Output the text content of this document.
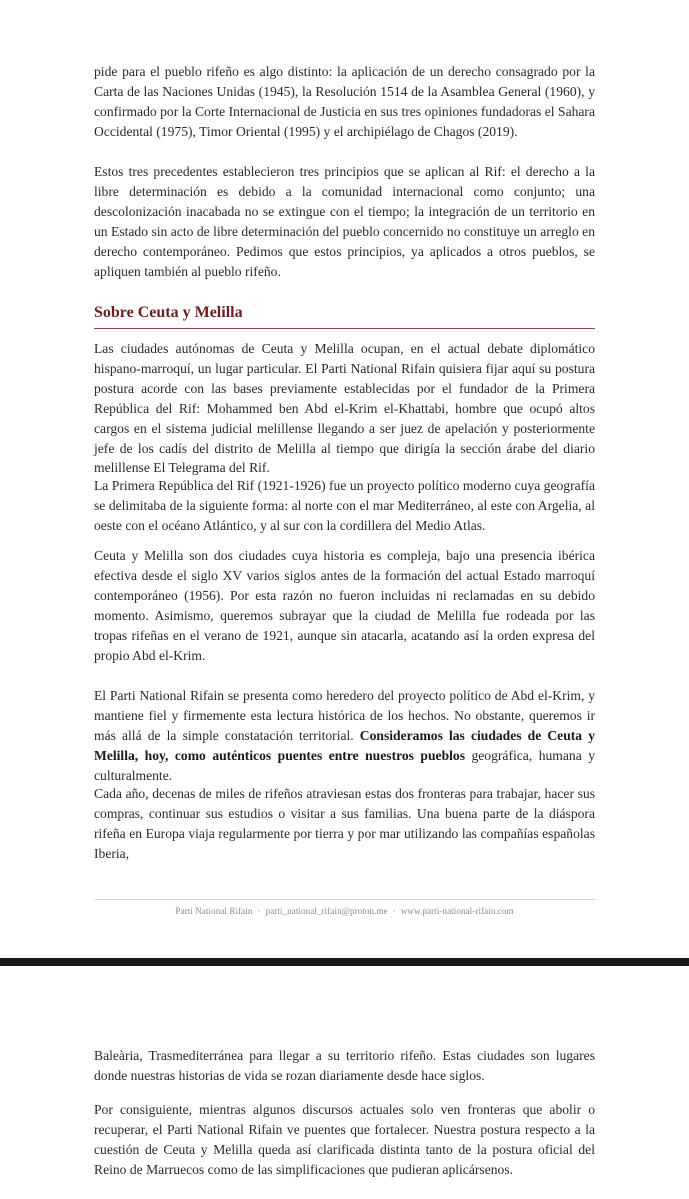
pide para el pueblo rifeño es algo distinto: la aplicación de un derecho consagrado por la Carta de las Naciones Unidas (1945), la Resolución 1514 de la Asamblea General (1960), y confirmado por la Corte Internacional de Justicia en sus tres opiniones fundadoras el Sahara Occidental (1975), Timor Oriental (1995) y el archipiélago de Chagos (2019).

Estos tres precedentes establecieron tres principios que se aplican al Rif: el derecho a la libre determinación es debido a la comunidad internacional como conjunto; una descolonización inacabada no se extingue con el tiempo; la integración de un territorio en un Estado sin acto de libre determinación del pueblo concernido no constituye un arreglo en derecho contemporáneo. Pedimos que estos principios, ya aplicados a otros pueblos, se apliquen también al pueblo rifeño.

Sobre Ceuta y Melilla

Las ciudades autónomas de Ceuta y Melilla ocupan, en el actual debate diplomático hispano-marroquí, un lugar particular. El Parti National Rifain quisiera fijar aquí su postura postura acorde con las bases previamente establecidas por el fundador de la Primera República del Rif: Mohammed ben Abd el-Krim el-Khattabi, hombre que ocupó altos cargos en el sistema judicial melillense llegando a ser juez de apelación y posteriormente jefe de los cadís del distrito de Melilla al tiempo que dirigía la sección árabe del diario melillense El Telegrama del Rif.

La Primera República del Rif (1921-1926) fue un proyecto político moderno cuya geografía se delimitaba de la siguiente forma: al norte con el mar Mediterráneo, al este con Argelia, al oeste con el océano Atlántico, y al sur con la cordillera del Medio Atlas.

Ceuta y Melilla son dos ciudades cuya historia es compleja, bajo una presencia ibérica efectiva desde el siglo XV varios siglos antes de la formación del actual Estado marroquí contemporáneo (1956). Por esta razón no fueron incluidas ni reclamadas en su debido momento. Asimismo, queremos subrayar que la ciudad de Melilla fue rodeada por las tropas rifeñas en el verano de 1921, aunque sin atacarla, acatando así la orden expresa del propio Abd el-Krim.

El Parti National Rifain se presenta como heredero del proyecto político de Abd el-Krim, y mantiene fiel y firmemente esta lectura histórica de los hechos. No obstante, queremos ir más allá de la simple constatación territorial. Consideramos las ciudades de Ceuta y Melilla, hoy, como auténticos puentes entre nuestros pueblos geográfica, humana y culturalmente.

Cada año, decenas de miles de rifeños atraviesan estas dos fronteras para trabajar, hacer sus compras, continuar sus estudios o visitar a sus familias. Una buena parte de la diáspora rifeña en Europa viaja regularmente por tierra y por mar utilizando las compañías españolas Iberia,

Parti National Rifain · parti_national_rifain@proton.me · www.parti-national-rifain.com

Baleària, Trasmediterránea para llegar a su territorio rifeño. Estas ciudades son lugares donde nuestras historias de vida se rozan diariamente desde hace siglos.

Por consiguiente, mientras algunos discursos actuales solo ven fronteras que abolir o recuperar, el Parti National Rifain ve puentes que fortalecer. Nuestra postura respecto a la cuestión de Ceuta y Melilla queda así clarificada distinta tanto de la postura oficial del Reino de Marruecos como de las simplificaciones que pudieran aplicársenos.
